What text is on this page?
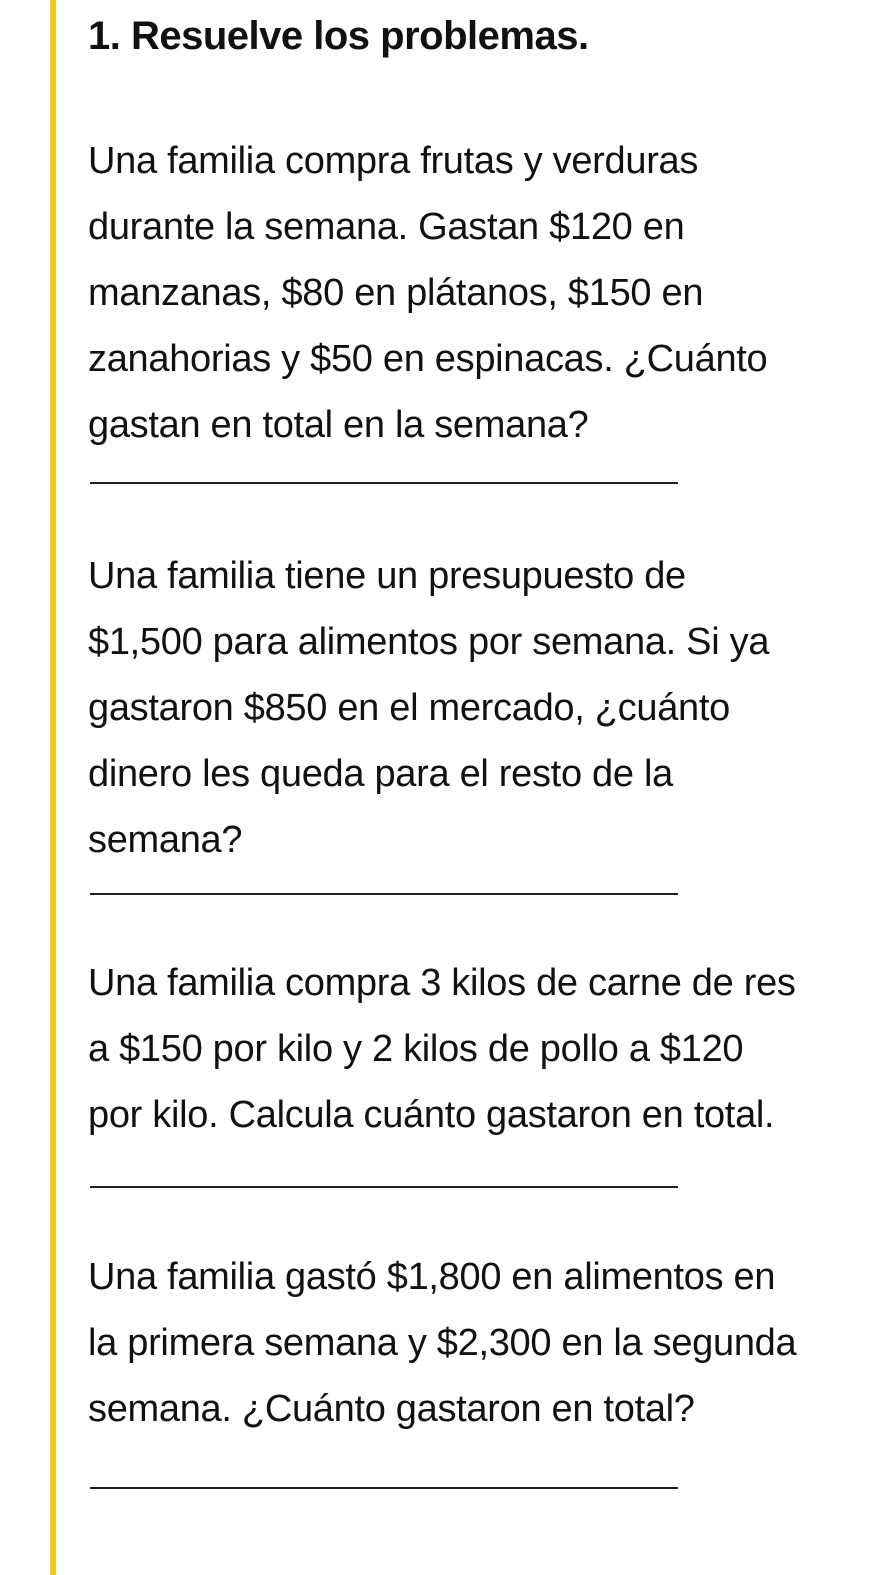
1. Resuelve los problemas.
Una familia compra frutas y verduras
durante la semana. Gastan $120 en
manzanas, $80 en plátanos, $150 en
zanahorias y $50 en espinacas. ¿Cuánto
gastan en total en la semana?
Una familia tiene un presupuesto de
$1,500 para alimentos por semana. Si ya
gastaron $850 en el mercado, ¿cuánto
dinero les queda para el resto de la
semana?
Una familia compra 3 kilos de carne de res
a $150 por kilo y 2 kilos de pollo a $120
por kilo. Calcula cuánto gastaron en total.
Una familia gastó $1,800 en alimentos en
la primera semana y $2,300 en la segunda
semana. ¿Cuánto gastaron en total?
